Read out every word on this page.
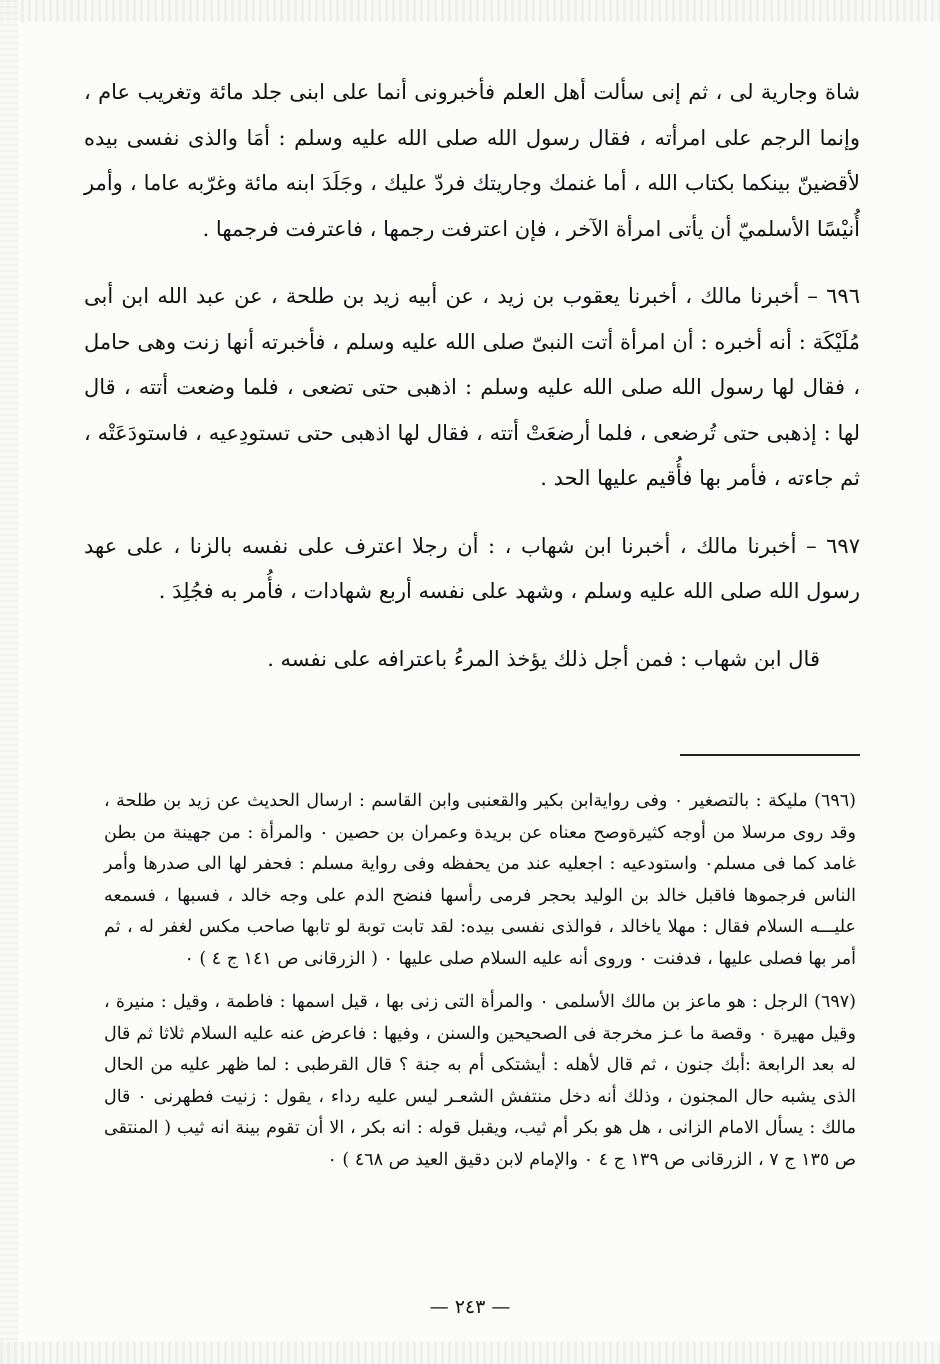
شاة وجارية لى ، ثم إنى سألت أهل العلم فأخبرونى أنما على ابنى جلد مائة وتغريب عام ، وإنما الرجم على امرأته ، فقال رسول الله صلى الله عليه وسلم : أمَا والذى نفسى بيده لأقضينّ بينكما بكتاب الله ، أما غنمك وجاريتك فردّ عليك ، وجَلَدَ ابنه مائة وغرّبه عاما ، وأمر أُنيْسًا الأسلميّ أن يأتى امرأة الآخر ، فإن اعترفت رجمها ، فاعترفت فرجمها .

٦٩٦ – أخبرنا مالك ، أخبرنا يعقوب بن زيد ، عن أبيه زيد بن طلحة ، عن عبد الله ابن أبى مُلَيْكَة : أنه أخبره : أن امرأة أتت النبىّ صلى الله عليه وسلم ، فأخبرته أنها زنت وهى حامل ، فقال لها رسول الله صلى الله عليه وسلم : اذهبى حتى تضعى ، فلما وضعت أتته ، قال لها : إذهبى حتى تُرضعى ، فلما أرضعَتْ أتته ، فقال لها اذهبى حتى تستودِعيه ، فاستودَعَتْه ، ثم جاءته ، فأمر بها فأُقيم عليها الحد .

٦٩٧ – أخبرنا مالك ، أخبرنا ابن شهاب ، : أن رجلا اعترف على نفسه بالزنا ، على عهد رسول الله صلى الله عليه وسلم ، وشهد على نفسه أربع شهادات ، فأُمر به فجُلِدَ .

قال ابن شهاب : فمن أجل ذلك يؤخذ المرءُ باعترافه على نفسه .

(٦٩٦) مليكة : بالتصغير ٠ وفى روايةابن بكير والقعنبى وابن القاسم : ارسال الحديث عن زيد بن طلحة ، وقد روى مرسلا من أوجه كثيرةوصح معناه عن بريدة وعمران بن حصين ٠ والمرأة : من جهينة من بطن غامد كما فى مسلم٠ واستودعيه : اجعليه عند من يحفظه وفى رواية مسلم : فحفر لها الى صدرها وأمر الناس فرجموها فاقبل خالد بن الوليد بحجر فرمى رأسها فنضح الدم على وجه خالد ، فسبها ، فسمعه عليـــه السلام فقال : مهلا ياخالد ، فوالذى نفسى بيده: لقد تابت توبة لو تابها صاحب مكس لغفر له ، ثم أمر بها فصلى عليها ، فدفنت ٠ وروى أنه عليه السلام صلى عليها ٠ ( الزرقانى ص ١٤١ ج ٤ ) ٠

(٦٩٧) الرجل : هو ماعز بن مالك الأسلمى ٠ والمرأة التى زنى بها ، قيل اسمها : فاطمة ، وقيل : منيرة ، وقيل مهيرة ٠ وقصة ما عـز مخرجة فى الصحيحين والسنن ، وفيها : فاعرض عنه عليه السلام ثلاثا ثم قال له بعد الرابعة :أبك جنون ، ثم قال لأهله : أيشتكى أم به جنة ؟ قال القرطبى : لما ظهر عليه من الحال الذى يشبه حال المجنون ، وذلك أنه دخل منتفش الشعـر ليس عليه رداء ، يقول : زنيت فطهرنى ٠ قال مالك : يسأل الامام الزانى ، هل هو بكر أم ثيب، ويقبل قوله : انه بكر ، الا أن تقوم بينة انه ثيب ( المنتقى ص ١٣٥ ج ٧ ، الزرقانى ص ١٣٩ ج ٤ ٠ والإمام لابن دقيق العيد ص ٤٦٨ ) ٠

— ٢٤٣ —
